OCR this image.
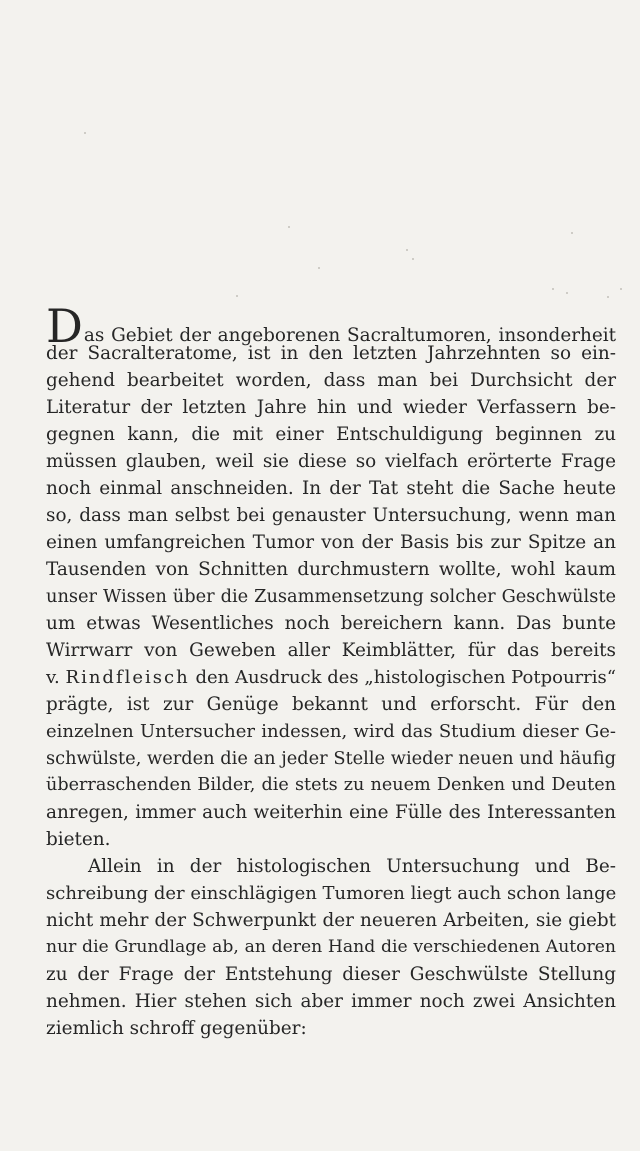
Das Gebiet der angeborenen Sacraltumoren, insonderheit
der Sacralteratome, ist in den letzten Jahrzehnten so ein-
gehend bearbeitet worden, dass man bei Durchsicht der
Literatur der letzten Jahre hin und wieder Verfassern be-
gegnen kann, die mit einer Entschuldigung beginnen zu
müssen glauben, weil sie diese so vielfach erörterte Frage
noch einmal anschneiden. In der Tat steht die Sache heute
so, dass man selbst bei genauster Untersuchung, wenn man
einen umfangreichen Tumor von der Basis bis zur Spitze an
Tausenden von Schnitten durchmustern wollte, wohl kaum
unser Wissen über die Zusammensetzung solcher Geschwülste
um etwas Wesentliches noch bereichern kann. Das bunte
Wirrwarr von Geweben aller Keimblätter, für das bereits
v. Rindfleisch den Ausdruck des „histologischen Potpourris“
prägte, ist zur Genüge bekannt und erforscht. Für den
einzelnen Untersucher indessen, wird das Studium dieser Ge-
schwülste, werden die an jeder Stelle wieder neuen und häufig
überraschenden Bilder, die stets zu neuem Denken und Deuten
anregen, immer auch weiterhin eine Fülle des Interessanten
bieten.
Allein in der histologischen Untersuchung und Be-
schreibung der einschlägigen Tumoren liegt auch schon lange
nicht mehr der Schwerpunkt der neueren Arbeiten, sie giebt
nur die Grundlage ab, an deren Hand die verschiedenen Autoren
zu der Frage der Entstehung dieser Geschwülste Stellung
nehmen. Hier stehen sich aber immer noch zwei Ansichten
ziemlich schroff gegenüber:
